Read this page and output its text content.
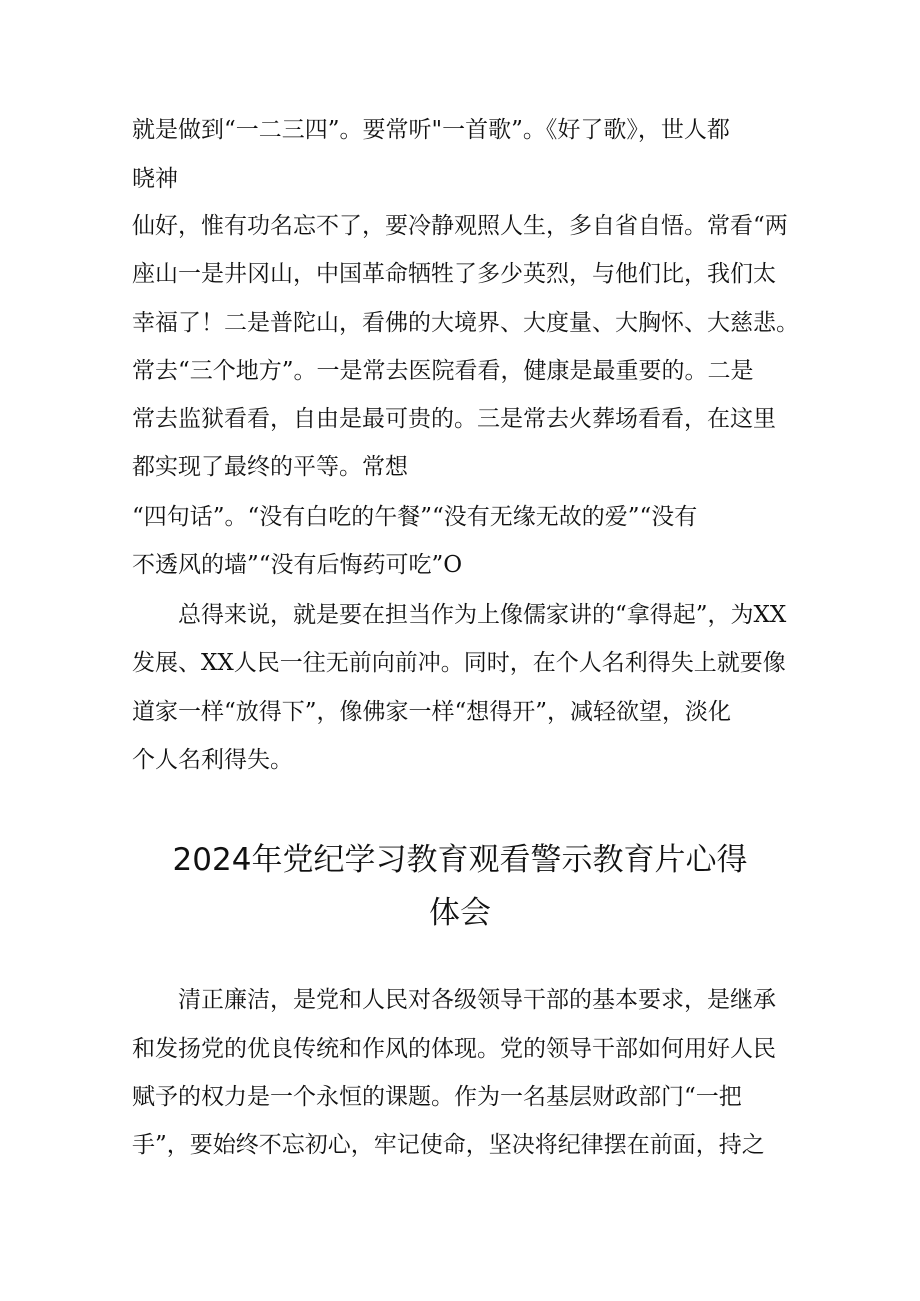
就是做到“一二三四”。要常听"一首歌”。《好了歌》，世人都
晓神
仙好，惟有功名忘不了，要冷静观照人生，多自省自悟。常看“两
座山一是井冈山，中国革命牺牲了多少英烈，与他们比，我们太
幸福了！二是普陀山，看佛的大境界、大度量、大胸怀、大慈悲。
常去“三个地方”。一是常去医院看看，健康是最重要的。二是
常去监狱看看，自由是最可贵的。三是常去火葬场看看，在这里
都实现了最终的平等。常想
“四句话”。“没有白吃的午餐”“没有无缘无故的爱”“没有
不透风的墙”“没有后悔药可吃”O
总得来说，就是要在担当作为上像儒家讲的“拿得起”，为XX
发展、XX人民一往无前向前冲。同时，在个人名利得失上就要像
道家一样“放得下”，像佛家一样“想得开”，减轻欲望，淡化
个人名利得失。
2024年党纪学习教育观看警示教育片心得
体会
清正廉洁，是党和人民对各级领导干部的基本要求，是继承
和发扬党的优良传统和作风的体现。党的领导干部如何用好人民
赋予的权力是一个永恒的课题。作为一名基层财政部门“一把
手”，要始终不忘初心，牢记使命，坚决将纪律摆在前面，持之
